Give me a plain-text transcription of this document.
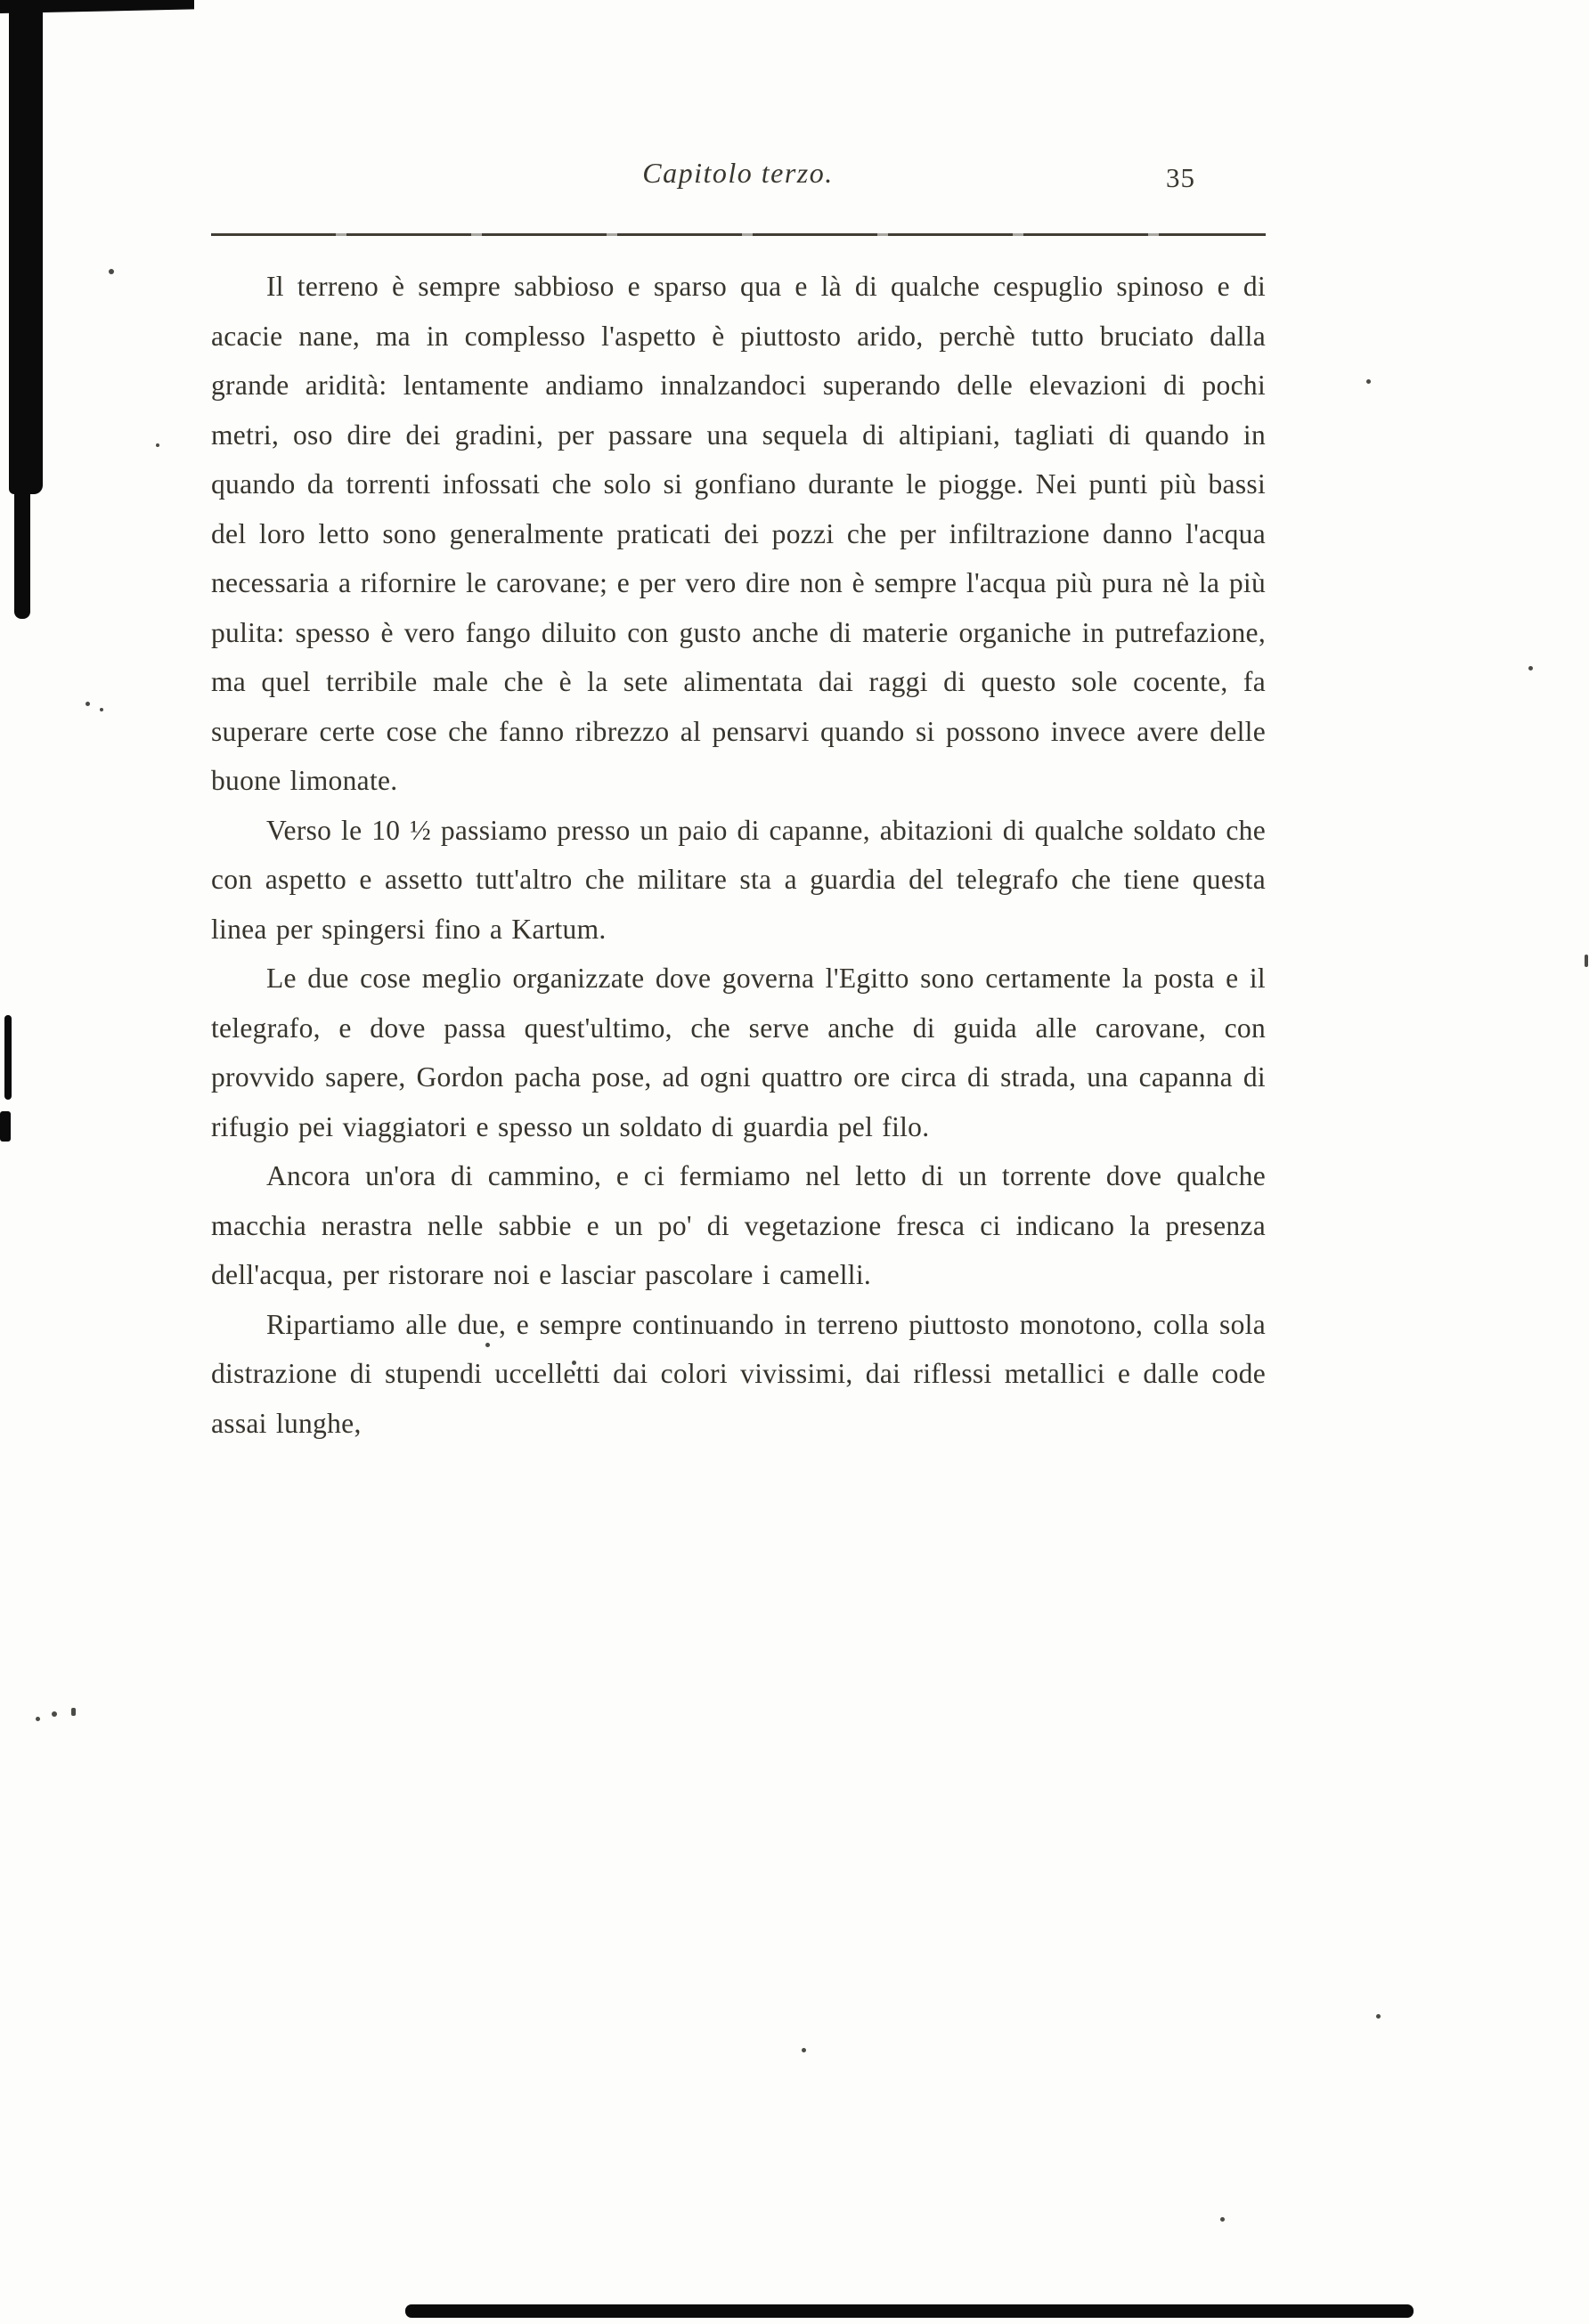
Capitolo terzo.	35

Il terreno è sempre sabbioso e sparso qua e là di qualche cespuglio spinoso e di acacie nane, ma in complesso l'aspetto è piuttosto arido, perchè tutto bruciato dalla grande aridità: lentamente andiamo innalzandoci superando delle elevazioni di pochi metri, oso dire dei gradini, per passare una sequela di altipiani, tagliati di quando in quando da torrenti infossati che solo si gonfiano durante le piogge. Nei punti più bassi del loro letto sono generalmente praticati dei pozzi che per infiltrazione danno l'acqua necessaria a rifornire le carovane; e per vero dire non è sempre l'acqua più pura nè la più pulita: spesso è vero fango diluito con gusto anche di materie organiche in putrefazione, ma quel terribile male che è la sete alimentata dai raggi di questo sole cocente, fa superare certe cose che fanno ribrezzo al pensarvi quando si possono invece avere delle buone limonate.

Verso le 10 ½ passiamo presso un paio di capanne, abitazioni di qualche soldato che con aspetto e assetto tutt'altro che militare sta a guardia del telegrafo che tiene questa linea per spingersi fino a Kartum.

Le due cose meglio organizzate dove governa l'Egitto sono certamente la posta e il telegrafo, e dove passa quest'ultimo, che serve anche di guida alle carovane, con provvido sapere, Gordon pacha pose, ad ogni quattro ore circa di strada, una capanna di rifugio pei viaggiatori e spesso un soldato di guardia pel filo.

Ancora un'ora di cammino, e ci fermiamo nel letto di un torrente dove qualche macchia nerastra nelle sabbie e un po' di vegetazione fresca ci indicano la presenza dell'acqua, per ristorare noi e lasciar pascolare i camelli.

Ripartiamo alle due, e sempre continuando in terreno piuttosto monotono, colla sola distrazione di stupendi uccelletti dai colori vivissimi, dai riflessi metallici e dalle code assai lunghe,
